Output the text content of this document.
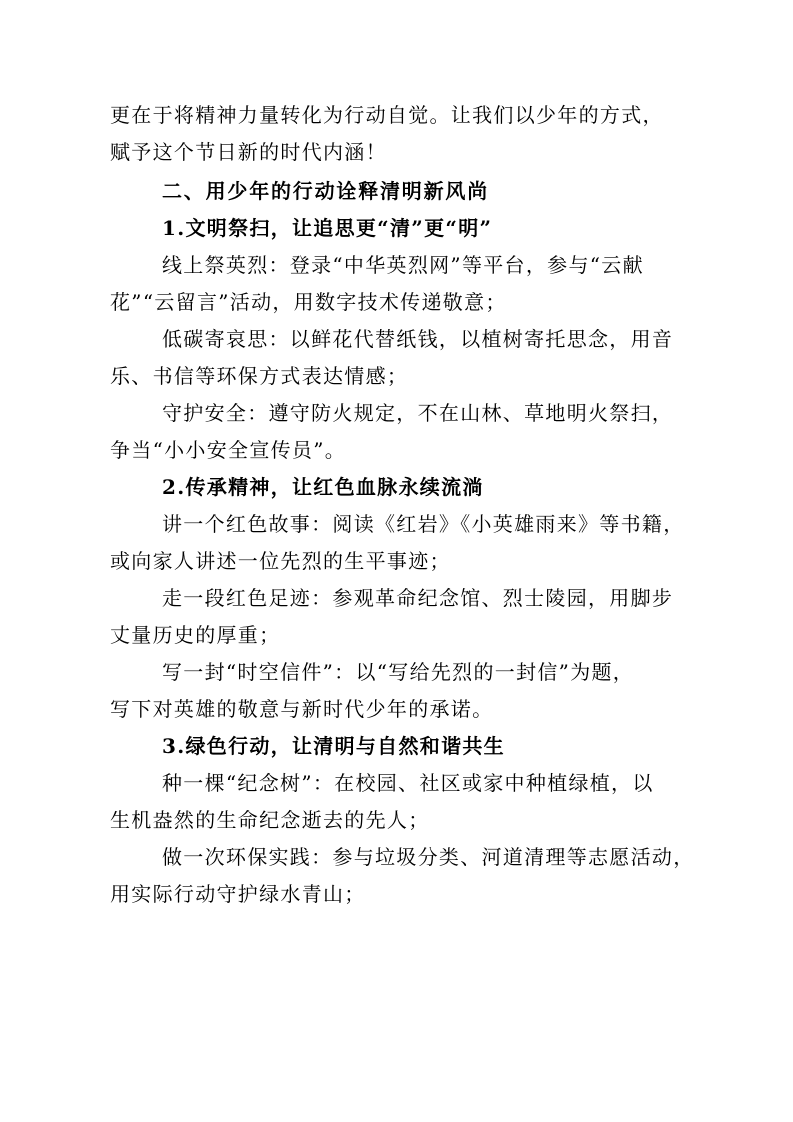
更在于将精神力量转化为行动自觉。让我们以少年的方式，
赋予这个节日新的时代内涵！
二、用少年的行动诠释清明新风尚
1.文明祭扫，让追思更“清”更“明”
线上祭英烈：登录“中华英烈网”等平台，参与“云献
花”“云留言”活动，用数字技术传递敬意；
低碳寄哀思：以鲜花代替纸钱，以植树寄托思念，用音
乐、书信等环保方式表达情感；
守护安全：遵守防火规定，不在山林、草地明火祭扫，
争当“小小安全宣传员”。
2.传承精神，让红色血脉永续流淌
讲一个红色故事：阅读《红岩》《小英雄雨来》等书籍，
或向家人讲述一位先烈的生平事迹；
走一段红色足迹：参观革命纪念馆、烈士陵园，用脚步
丈量历史的厚重；
写一封“时空信件”：以“写给先烈的一封信”为题，
写下对英雄的敬意与新时代少年的承诺。
3.绿色行动，让清明与自然和谐共生
种一棵“纪念树”：在校园、社区或家中种植绿植，以
生机盎然的生命纪念逝去的先人；
做一次环保实践：参与垃圾分类、河道清理等志愿活动，
用实际行动守护绿水青山；
